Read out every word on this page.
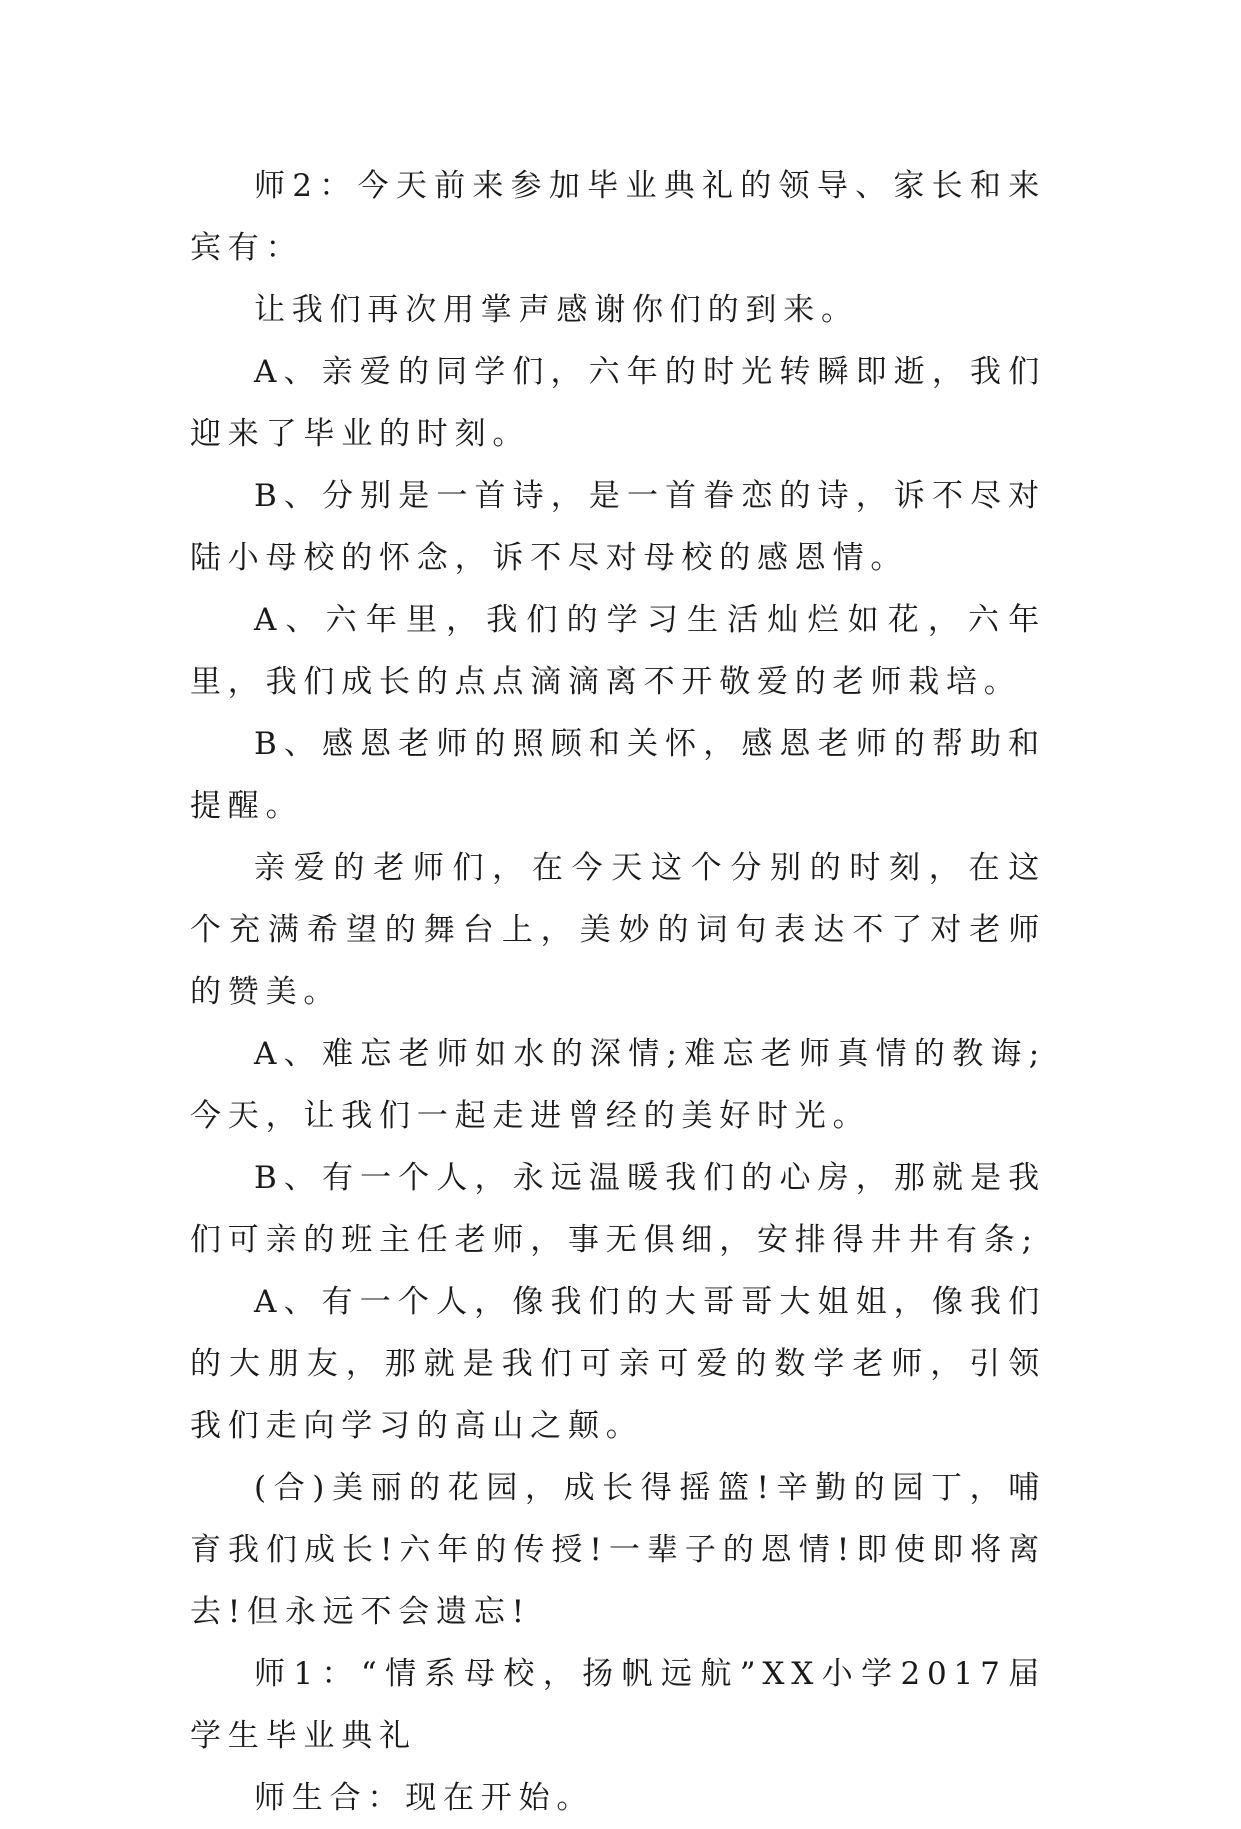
师2：今天前来参加毕业典礼的领导、家长和来宾有：

让我们再次用掌声感谢你们的到来。

A、亲爱的同学们，六年的时光转瞬即逝，我们迎来了毕业的时刻。

B、分别是一首诗，是一首眷恋的诗，诉不尽对陆小母校的怀念，诉不尽对母校的感恩情。

A、六年里，我们的学习生活灿烂如花，六年里，我们成长的点点滴滴离不开敬爱的老师栽培。

B、感恩老师的照顾和关怀，感恩老师的帮助和提醒。

亲爱的老师们，在今天这个分别的时刻，在这个充满希望的舞台上，美妙的词句表达不了对老师的赞美。

A、难忘老师如水的深情;难忘老师真情的教诲;今天，让我们一起走进曾经的美好时光。

B、有一个人，永远温暖我们的心房，那就是我们可亲的班主任老师，事无俱细，安排得井井有条;

A、有一个人，像我们的大哥哥大姐姐，像我们的大朋友，那就是我们可亲可爱的数学老师，引领我们走向学习的高山之颠。

(合)美丽的花园，成长得摇篮!辛勤的园丁，哺育我们成长!六年的传授!一辈子的恩情!即使即将离去!但永远不会遗忘!

师1：“情系母校，扬帆远航”XX小学2017届学生毕业典礼

师生合：现在开始。
